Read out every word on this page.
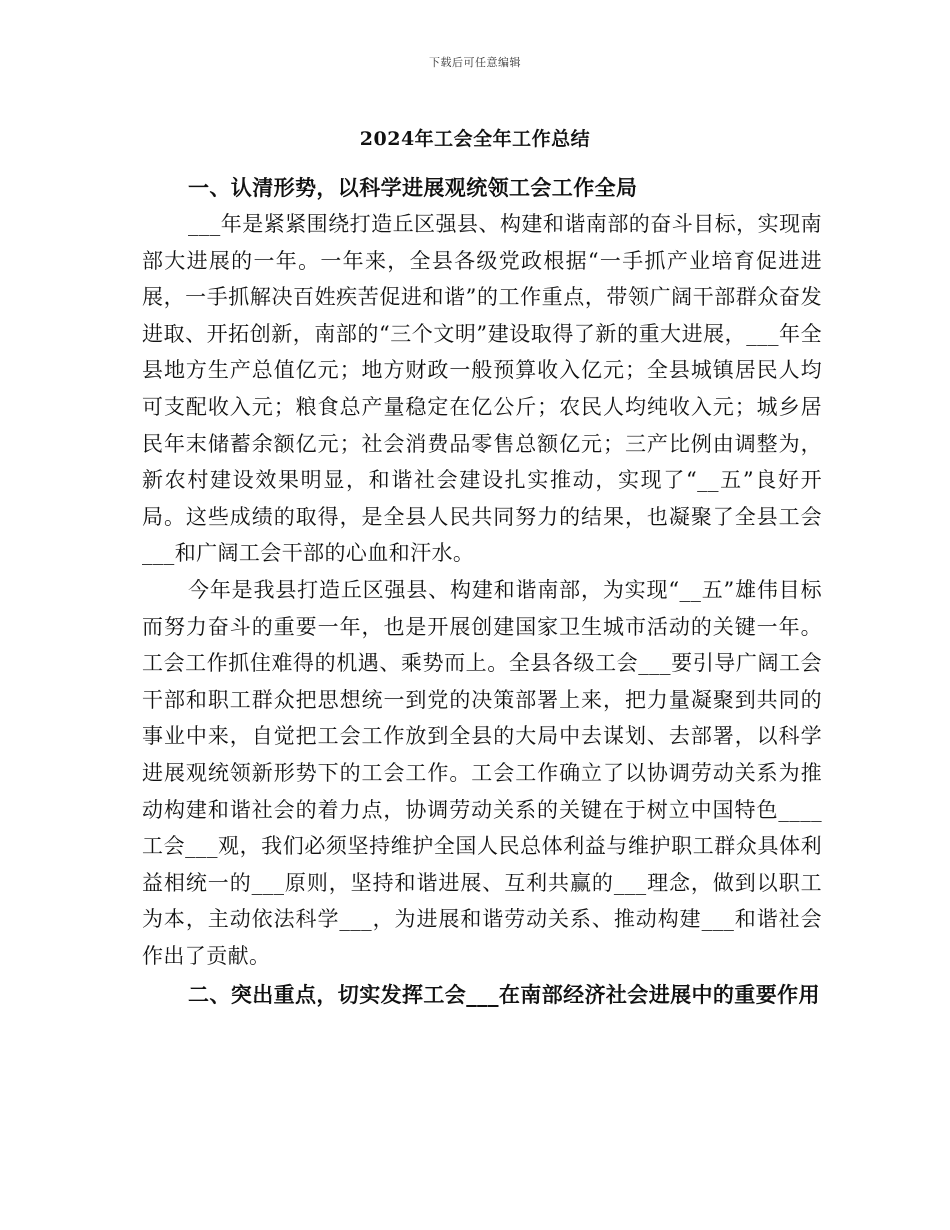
下载后可任意编辑
2024年工会全年工作总结
一、认清形势，以科学进展观统领工会工作全局

___年是紧紧围绕打造丘区强县、构建和谐南部的奋斗目标，实现南部大进展的一年。一年来，全县各级党政根据“一手抓产业培育促进进展，一手抓解决百姓疾苦促进和谐”的工作重点，带领广阔干部群众奋发进取、开拓创新，南部的“三个文明”建设取得了新的重大进展，___年全县地方生产总值亿元；地方财政一般预算收入亿元；全县城镇居民人均可支配收入元；粮食总产量稳定在亿公斤；农民人均纯收入元；城乡居民年末储蓄余额亿元；社会消费品零售总额亿元；三产比例由调整为，新农村建设效果明显，和谐社会建设扎实推动，实现了“__五”良好开局。这些成绩的取得，是全县人民共同努力的结果，也凝聚了全县工会___和广阔工会干部的心血和汗水。

今年是我县打造丘区强县、构建和谐南部，为实现“__五”雄伟目标而努力奋斗的重要一年，也是开展创建国家卫生城市活动的关键一年。工会工作抓住难得的机遇、乘势而上。全县各级工会___要引导广阔工会干部和职工群众把思想统一到党的决策部署上来，把力量凝聚到共同的事业中来，自觉把工会工作放到全县的大局中去谋划、去部署，以科学进展观统领新形势下的工会工作。工会工作确立了以协调劳动关系为推动构建和谐社会的着力点，协调劳动关系的关键在于树立中国特色____工会___观，我们必须坚持维护全国人民总体利益与维护职工群众具体利益相统一的___原则，坚持和谐进展、互利共赢的___理念，做到以职工为本，主动依法科学___，为进展和谐劳动关系、推动构建___和谐社会作出了贡献。

二、突出重点，切实发挥工会___在南部经济社会进展中的重要作用
